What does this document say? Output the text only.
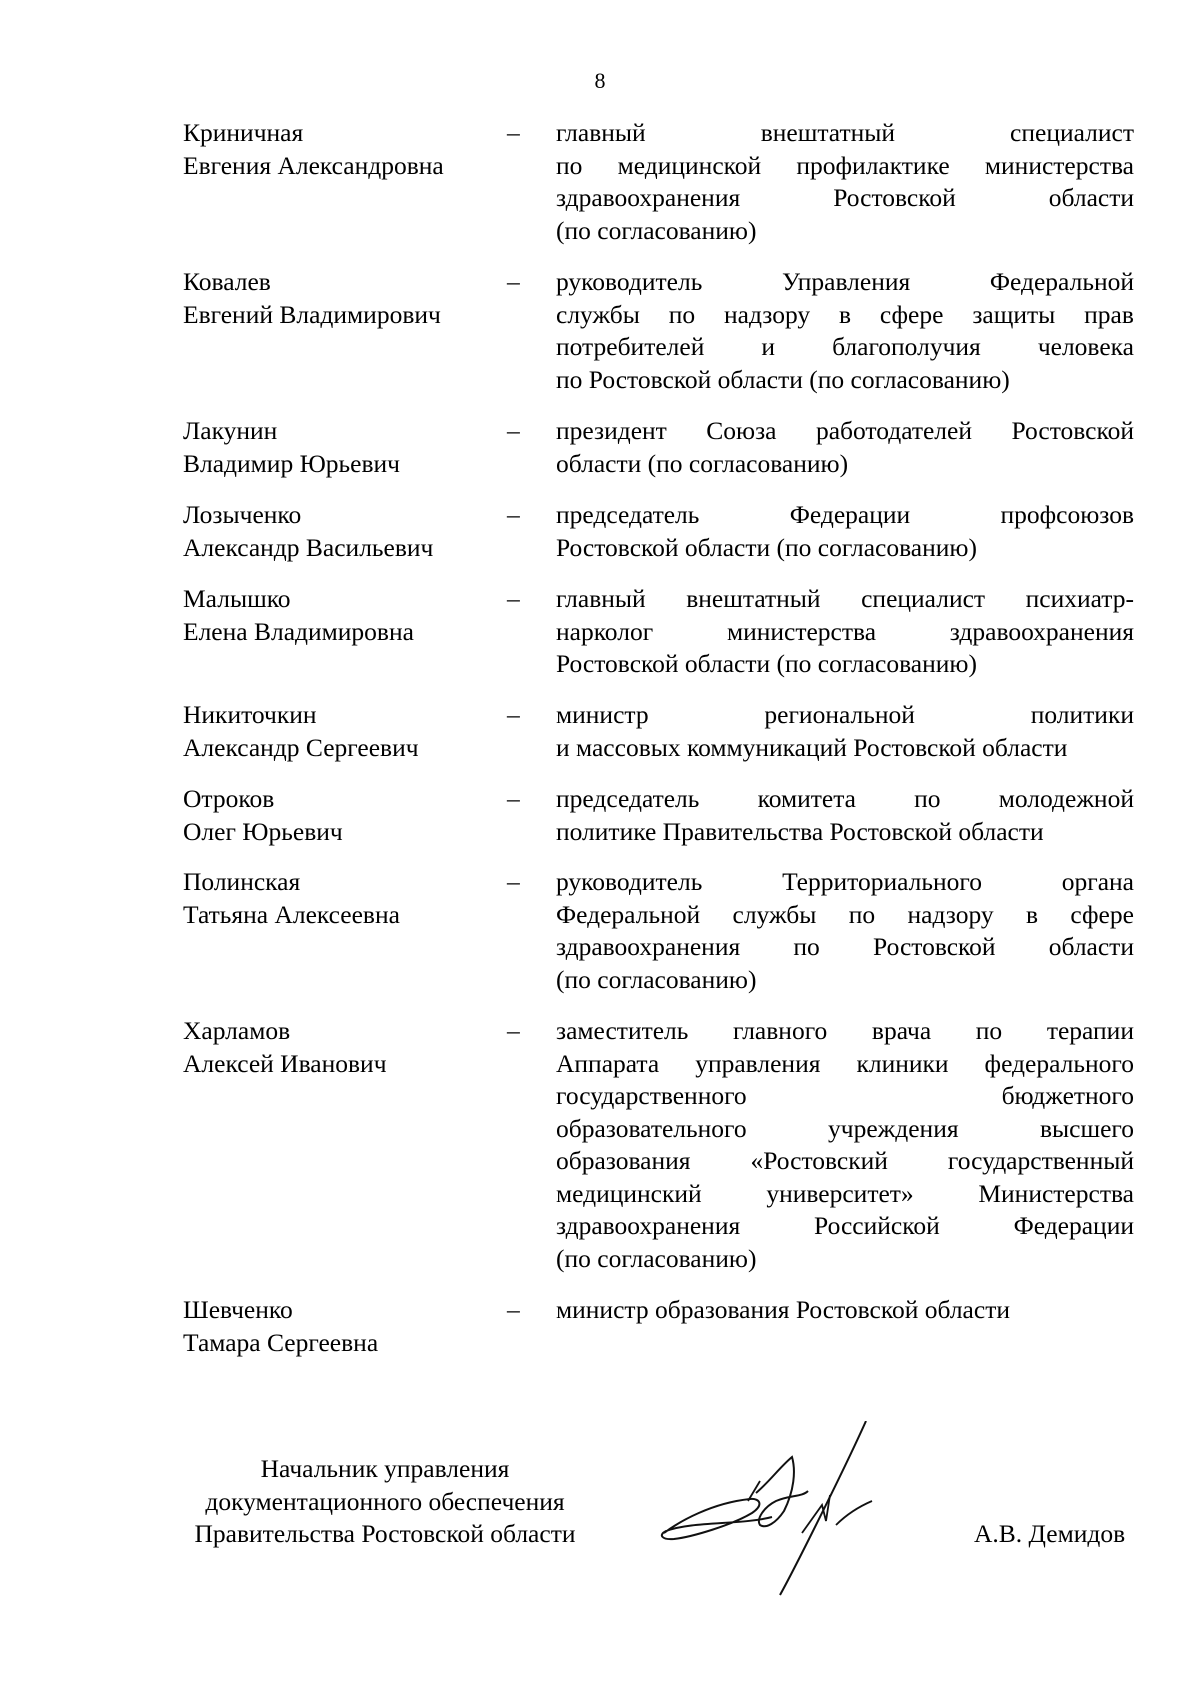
8
Криничная
Евгения Александровна
– главный	внештатный	специалист
по медицинской профилактике министерства
здравоохранения	Ростовской	области
(по согласованию)
Ковалев
Евгений Владимирович
– руководитель	Управления	Федеральной
службы по надзору в сфере защиты прав
потребителей и благополучия человека
по Ростовской области (по согласованию)
Лакунин
Владимир Юрьевич
– президент Союза работодателей Ростовской
области (по согласованию)
Лозыченко
Александр Васильевич
– председатель	Федерации	профсоюзов
Ростовской области (по согласованию)
Малышко
Елена Владимировна
– главный внештатный специалист психиатр-
нарколог	министерства	здравоохранения
Ростовской области (по согласованию)
Никиточкин
Александр Сергеевич
– министр	региональной	политики
и массовых коммуникаций Ростовской области
Отроков
Олег Юрьевич
– председатель комитета по молодежной
политике Правительства Ростовской области
Полинская
Татьяна Алексеевна
– руководитель	Территориального	органа
Федеральной службы по надзору в сфере
здравоохранения по Ростовской области
(по согласованию)
Харламов
Алексей Иванович
– заместитель главного врача по терапии
Аппарата управления клиники федерального
государственного	бюджетного
образовательного	учреждения	высшего
образования «Ростовский государственный
медицинский	университет»	Министерства
здравоохранения	Российской	Федерации
(по согласованию)
Шевченко
Тамара Сергеевна
– министр образования Ростовской области
Начальник управления
документационного обеспечения
Правительства Ростовской области	А.В. Демидов
